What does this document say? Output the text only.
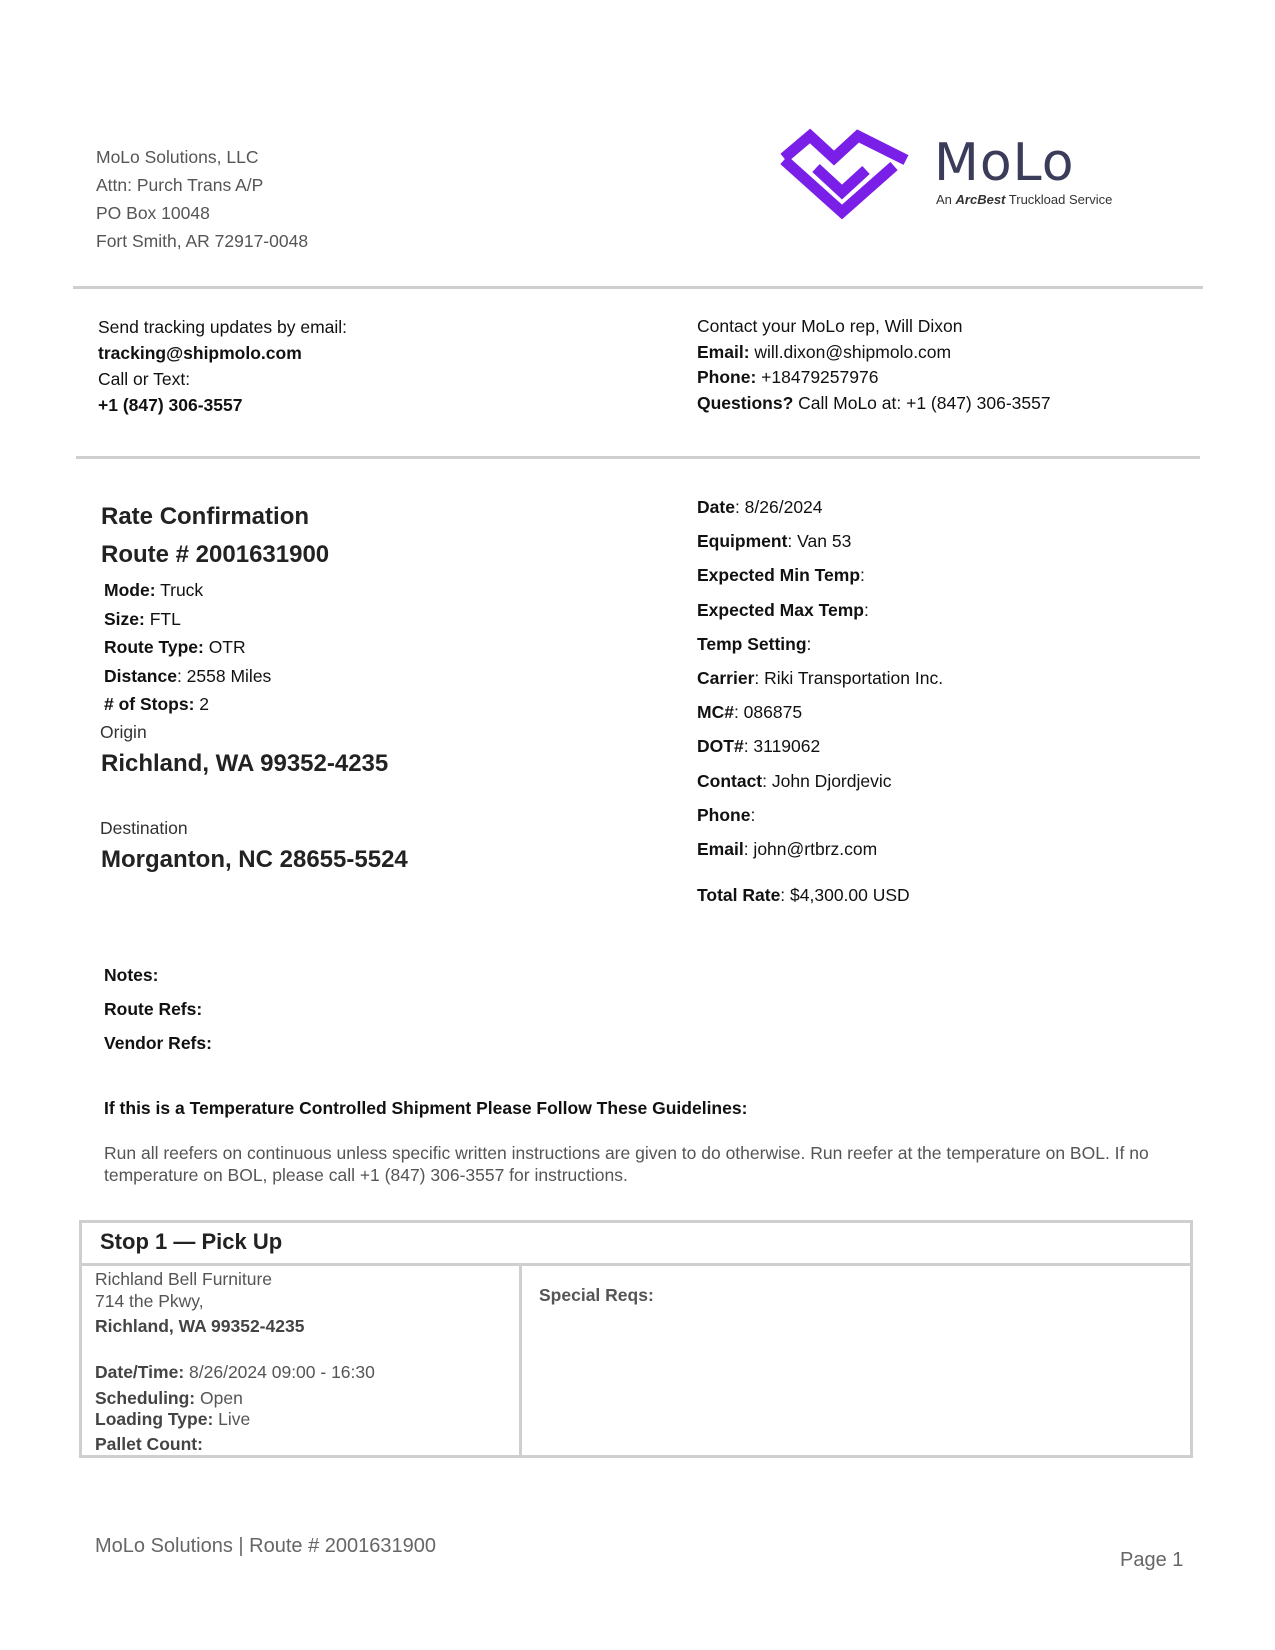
MoLo Solutions, LLC
Attn: Purch Trans A/P
PO Box 10048
Fort Smith, AR 72917-0048
MoLo
An ArcBest Truckload Service
Send tracking updates by email:
tracking@shipmolo.com
Call or Text:
+1 (847) 306-3557
Contact your MoLo rep, Will Dixon
Email: will.dixon@shipmolo.com
Phone: +18479257976
Questions? Call MoLo at: +1 (847) 306-3557
Rate Confirmation
Route # 2001631900
Mode: Truck
Size: FTL
Route Type: OTR
Distance: 2558 Miles
# of Stops: 2
Origin
Richland, WA 99352-4235
Destination
Morganton, NC 28655-5524
Date: 8/26/2024
Equipment: Van 53
Expected Min Temp:
Expected Max Temp:
Temp Setting:
Carrier: Riki Transportation Inc.
MC#: 086875
DOT#: 3119062
Contact: John Djordjevic
Phone:
Email: john@rtbrz.com
Total Rate: $4,300.00 USD
Notes:
Route Refs:
Vendor Refs:
If this is a Temperature Controlled Shipment Please Follow These Guidelines:
Run all reefers on continuous unless specific written instructions are given to do otherwise. Run reefer at the temperature on BOL. If no temperature on BOL, please call +1 (847) 306-3557 for instructions.
Stop 1 — Pick Up
Richland Bell Furniture
714 the Pkwy,
Richland, WA 99352-4235
Date/Time: 8/26/2024 09:00 - 16:30
Scheduling: Open
Loading Type: Live
Pallet Count:
Special Reqs:
MoLo Solutions | Route # 2001631900
Page 1
